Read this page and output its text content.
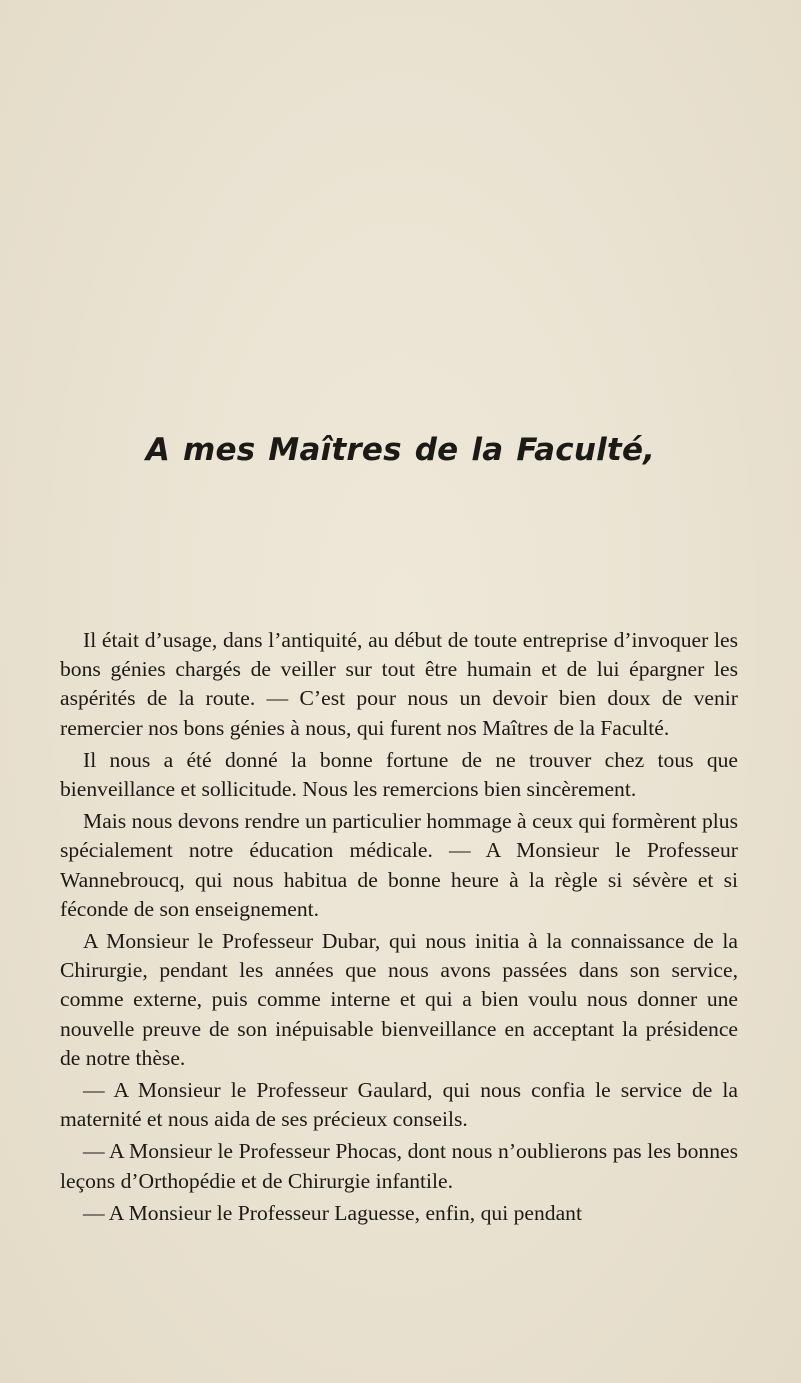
A mes Maîtres de la Faculté,

Il était d’usage, dans l’antiquité, au début de toute entreprise d’invoquer les bons génies chargés de veiller sur tout être humain et de lui épargner les aspérités de la route. — C’est pour nous un devoir bien doux de venir remercier nos bons génies à nous, qui furent nos Maîtres de la Faculté.

Il nous a été donné la bonne fortune de ne trouver chez tous que bienveillance et sollicitude. Nous les remercions bien sincèrement.

Mais nous devons rendre un particulier hommage à ceux qui formèrent plus spécialement notre éducation médicale. — A Monsieur le Professeur Wannebroucq, qui nous habitua de bonne heure à la règle si sévère et si féconde de son enseignement.

A Monsieur le Professeur Dubar, qui nous initia à la connaissance de la Chirurgie, pendant les années que nous avons passées dans son service, comme externe, puis comme interne et qui a bien voulu nous donner une nouvelle preuve de son inépuisable bienveillance en acceptant la présidence de notre thèse.

— A Monsieur le Professeur Gaulard, qui nous confia le service de la maternité et nous aida de ses précieux conseils.

— A Monsieur le Professeur Phocas, dont nous n’oublierons pas les bonnes leçons d’Orthopédie et de Chirurgie infantile.

— A Monsieur le Professeur Laguesse, enfin, qui pendant
